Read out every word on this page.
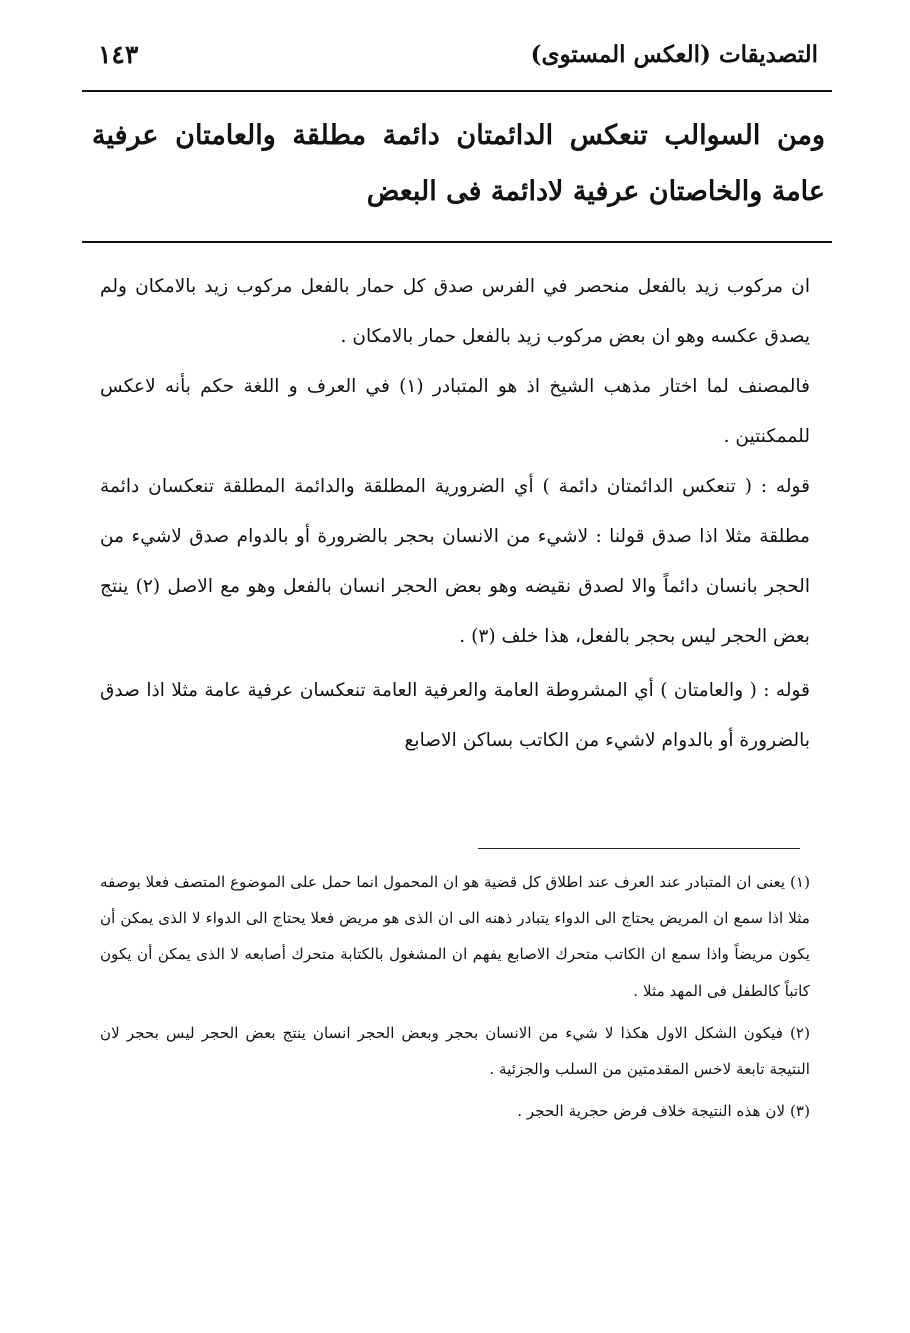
التصديقات (العكس المستوى)
١٤٣
ومن السوالب تنعكس الدائمتان دائمة مطلقة والعامتان عرفية عامة والخاصتان عرفية لادائمة فى البعض

ان مركوب زيد بالفعل منحصر في الفرس صدق كل حمار بالفعل مركوب زيد بالامكان ولم يصدق عكسه وهو ان بعض مركوب زيد بالفعل حمار بالامكان .

فالمصنف لما اختار مذهب الشيخ اذ هو المتبادر (١) في العرف و اللغة حكم بأنه لاعكس للممكنتين .

قوله : ( تنعكس الدائمتان دائمة ) أي الضرورية المطلقة والدائمة المطلقة تنعكسان دائمة مطلقة مثلا اذا صدق قولنا : لاشيء من الانسان بحجر بالضرورة أو بالدوام صدق لاشيء من الحجر بانسان دائماً والا لصدق نقيضه وهو بعض الحجر انسان بالفعل وهو مع الاصل (٢) ينتج بعض الحجر ليس بحجر بالفعل، هذا خلف (٣) .

قوله : ( والعامتان ) أي المشروطة العامة والعرفية العامة تنعكسان عرفية عامة مثلا اذا صدق بالضرورة أو بالدوام لاشيء من الكاتب بساكن الاصابع

(١) يعنى ان المتبادر عند العرف عند اطلاق كل قضية هو ان المحمول انما حمل على الموضوع المتصف فعلا بوصفه مثلا اذا سمع ان المريض يحتاج الى الدواء يتبادر ذهنه الى ان الذى هو مريض فعلا يحتاج الى الدواء لا الذى يمكن أن يكون مريضاً واذا سمع ان الكاتب متحرك الاصابع يفهم ان المشغول بالكتابة متحرك أصابعه لا الذى يمكن أن يكون كاتباً كالطفل فى المهد مثلا .

(٢) فيكون الشكل الاول هكذا لا شيء من الانسان بحجر وبعض الحجر انسان ينتج بعض الحجر ليس بحجر لان النتيجة تابعة لاخس المقدمتين من السلب والجزئية .

(٣) لان هذه النتيجة خلاف فرض حجرية الحجر .
